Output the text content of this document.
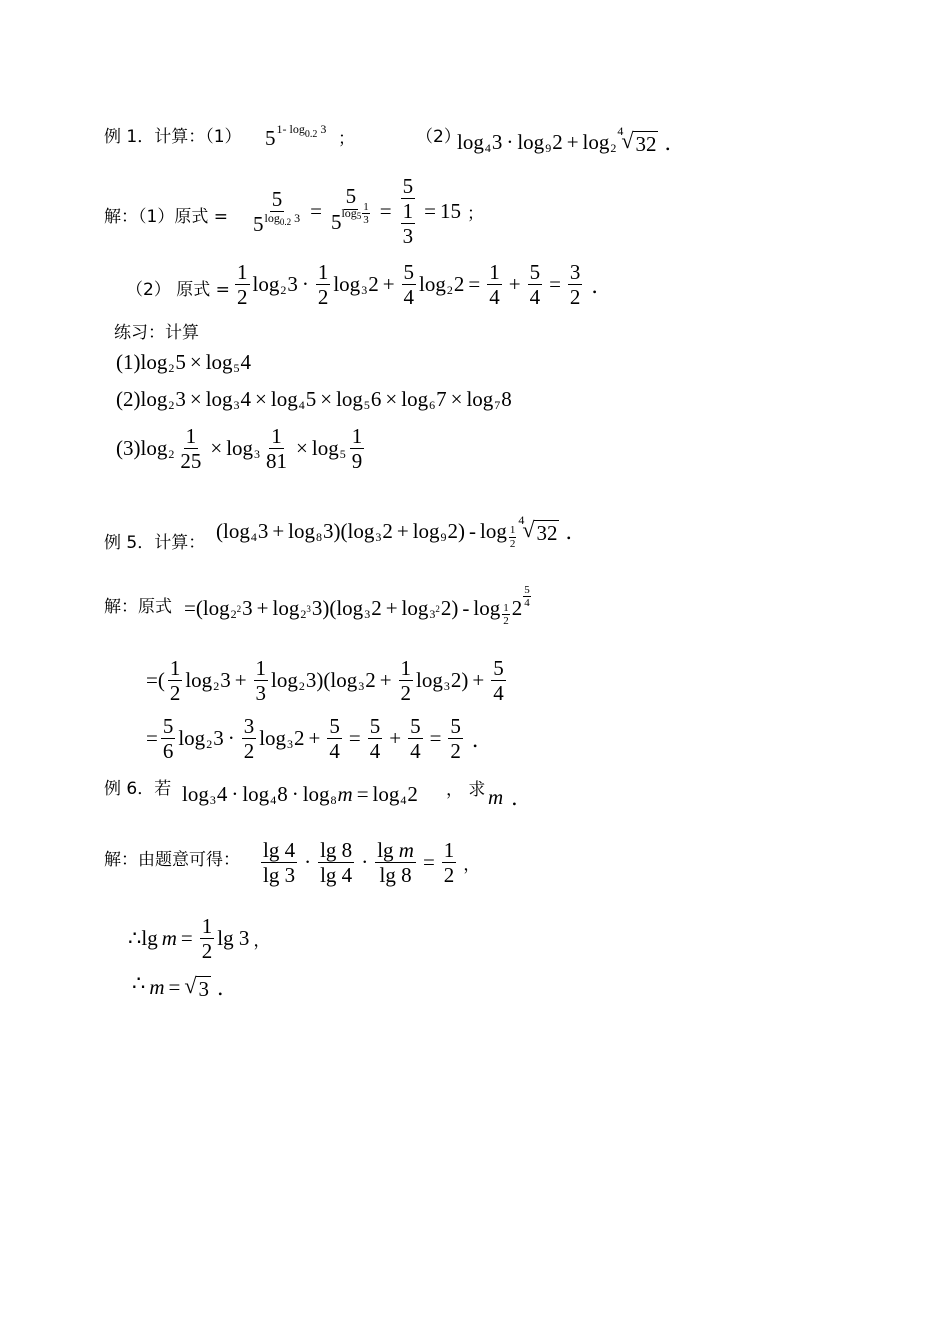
例 1．计算：（1） 5 1- $\log_{0.2} 3$ ；	（2）
log 4 3 · log 9 2 + log 2
4
√ 32 ．
解：（1）原式 = $\frac{5}{5^{log_{0.2} 3}} = 5$
5log 5
1
$3 = \frac{5}{\frac{1}{3}} = 15$ ；
（2） 原式 = $\frac{1}{2}$ log 2 $3 \cdot \frac{1}{2}$ log 3 $2 + \frac{5}{4}$ log 2 $2 = \frac{1}{4} + \frac{5}{4} = \frac{3}{2}$ ．
练习：计算
(1) log 2 5 × log 5 4
(2) log 2 3 × log 3 4 × log 4 5 × log 5 6 × log 6 7 × log 7 8
(3) $\log 2 \frac{1}{25} \times \log 3 \frac{1}{81} \times \log 5 \frac{1}{9}$
例 5．计算：
(log 4 3 + log 8 3)(log 3 2 + log 9 $2) - \log \frac{1}{2}$
4
√ 32 ．
解：原式 =(log $2^2$ $3 + \log 2^3$ 3)(log 3 $2 + \log 3^2$ $2) - \log \frac{1}{2} 2$
5
4
=( $\frac{1}{2}$ log 2 $3 + \frac{1}{3}$ log 2 3)(log 3 $2 + \frac{1}{2}$ log 3 $2) + \frac{5}{4}$
= $\frac{5}{6}$ log 2 $3 \cdot \frac{3}{2}$ log 3 $2 + \frac{5}{4} = \frac{5}{4} + \frac{5}{4} = \frac{5}{2}$ ．
例 6．若 log 3 4 · log 4 8 · log 8 m = log 4 2 ， 求 m ．
解：由题意可得： $\frac{\lg 4}{\lg 3} \cdot \frac{\lg 8}{\lg 4} \cdot \frac{\text{lg m}}{\lg 8} = \frac{1}{2}$ ，
∴ $\lg m = \frac{1}{2}$ lg 3 ，
∴ m = √ 3 ．
